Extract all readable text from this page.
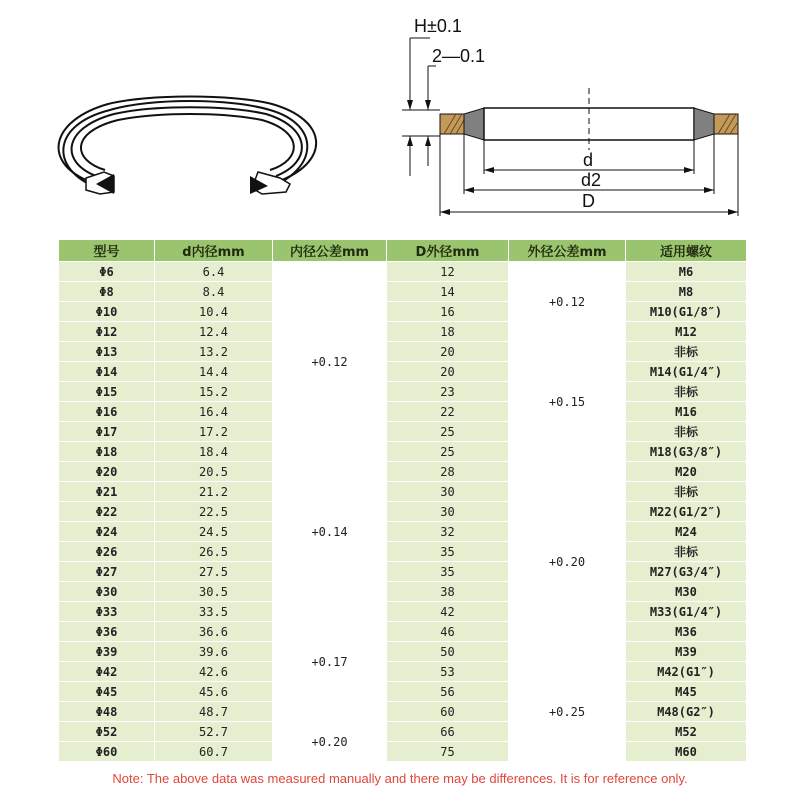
H±0.1
2—0.1
d
d2
D
型号	d内径mm	内径公差mm	D外径mm	外径公差mm	适用螺纹
Φ6	6.4	+0.12	12	+0.12	M6
Φ8	8.4		14		M8
Φ10	10.4		16		M10(G1/8″)
Φ12	12.4		18		M12
Φ13	13.2		20	+0.15	非标
Φ14	14.4		20		M14(G1/4″)
Φ15	15.2		23		非标
Φ16	16.4		22		M16
Φ17	17.2		25		非标
Φ18	18.4		25		M18(G3/8″)
Φ20	20.5	+0.14	28	+0.20	M20
Φ21	21.2		30		非标
Φ22	22.5		30		M22(G1/2″)
Φ24	24.5		32		M24
Φ26	26.5		35		非标
Φ27	27.5		35		M27(G3/4″)
Φ30	30.5		38		M30
Φ33	33.5	+0.17	42		M33(G1/4″)
Φ36	36.6		46		M36
Φ39	39.6		50		M39
Φ42	42.6		53	+0.25	M42(G1″)
Φ45	45.6		56		M45
Φ48	48.7		60		M48(G2″)
Φ52	52.7	+0.20	66		M52
Φ60	60.7		75		M60
Note: The above data was measured manually and there may be differences. It is for reference only.
